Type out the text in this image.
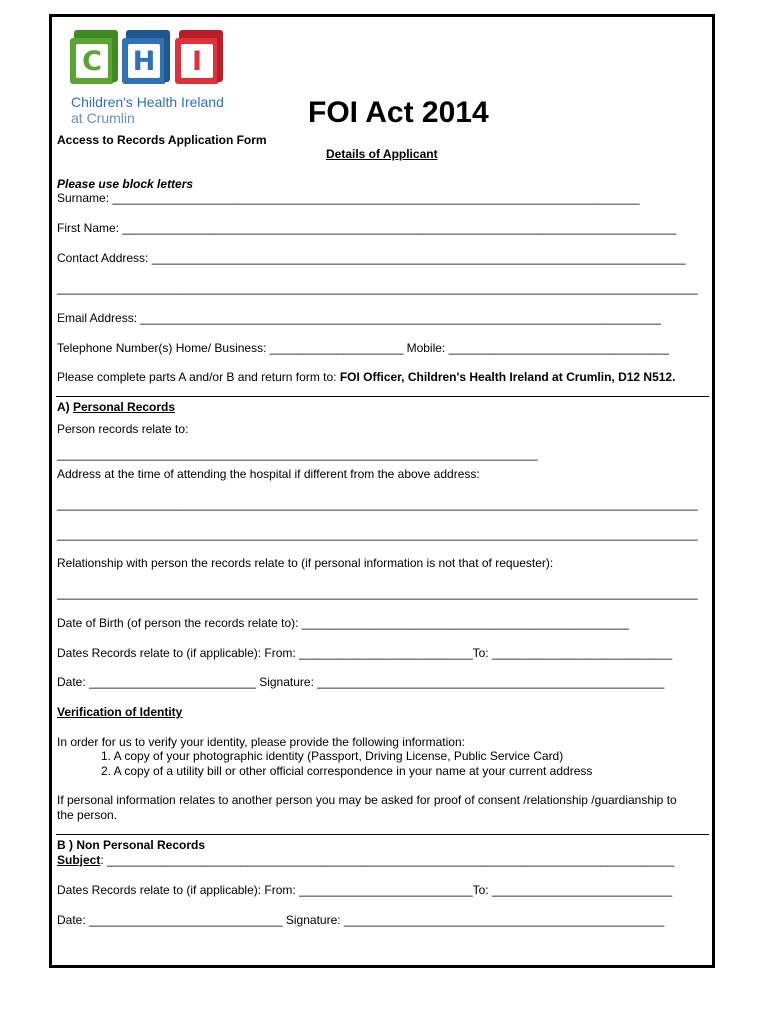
C H	I
Children's Health Ireland
at Crumlin	FOI Act 2014
Access to Records Application Form
Details of Applicant
Please use block letters
Surname: _______________________________________________________________________________
First Name: ___________________________________________________________________________________
Contact Address: ________________________________________________________________________________
________________________________________________________________________________________________
Email Address: ______________________________________________________________________________
Telephone Number(s) Home/ Business: ____________________ Mobile: _________________________________
Please complete parts A and/or B and return form to: FOI Officer, Children's Health Ireland at Crumlin, D12 N512.
A) Personal Records
Person records relate to:
________________________________________________________________________
Address at the time of attending the hospital if different from the above address:
________________________________________________________________________________________________
________________________________________________________________________________________________
Relationship with person the records relate to (if personal information is not that of requester):
________________________________________________________________________________________________
Date of Birth (of person the records relate to): _________________________________________________
Dates Records relate to (if applicable): From: __________________________To: ___________________________
Date: _________________________ Signature: ____________________________________________________
Verification of Identity
In order for us to verify your identity, please provide the following information:
1. A copy of your photographic identity (Passport, Driving License, Public Service Card)
2. A copy of a utility bill or other official correspondence in your name at your current address
If personal information relates to another person you may be asked for proof of consent /relationship /guardianship to
the person.
B ) Non Personal Records
Subject: _____________________________________________________________________________________
Dates Records relate to (if applicable): From: __________________________To: ___________________________
Date: _____________________________ Signature: ________________________________________________
